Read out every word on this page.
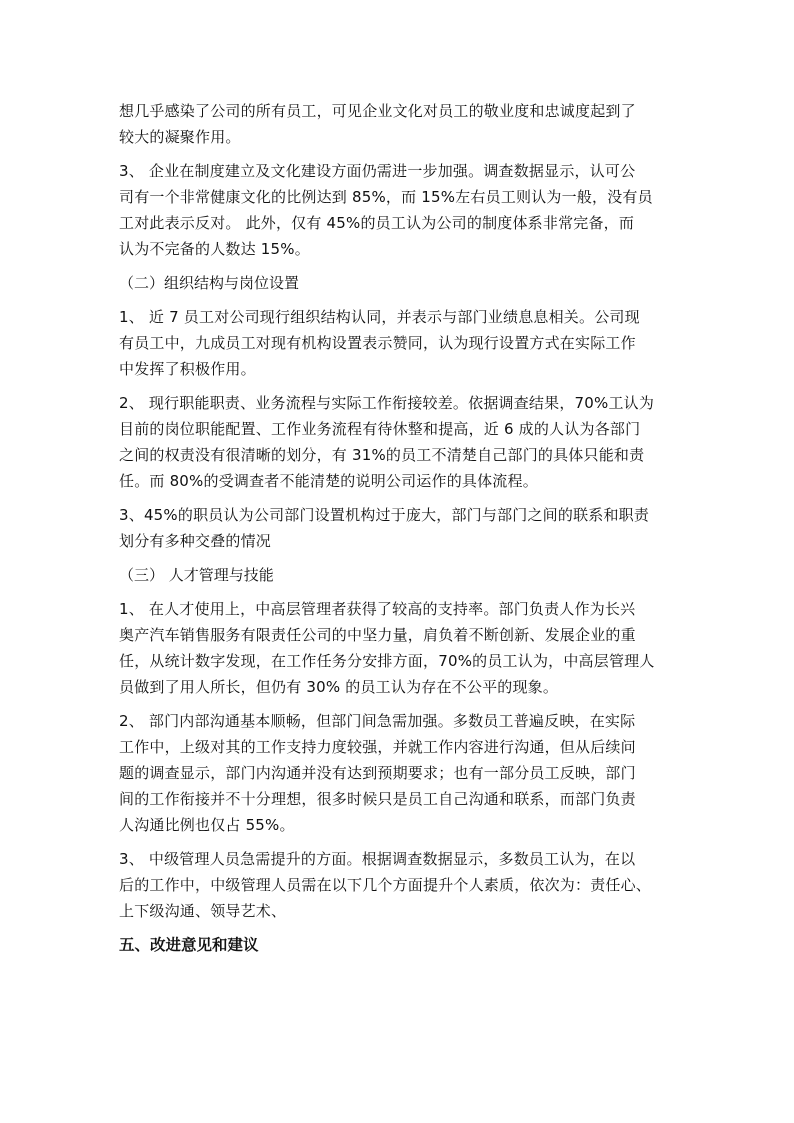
想几乎感染了公司的所有员工，可见企业文化对员工的敬业度和忠诚度起到了
较大的凝聚作用。

3、 企业在制度建立及文化建设方面仍需进一步加强。调查数据显示，认可公
司有一个非常健康文化的比例达到 85%，而 15%左右员工则认为一般，没有员
工对此表示反对。 此外，仅有 45%的员工认为公司的制度体系非常完备，而
认为不完备的人数达 15%。

（二）组织结构与岗位设置

1、 近 7 员工对公司现行组织结构认同，并表示与部门业绩息息相关。公司现
有员工中，九成员工对现有机构设置表示赞同，认为现行设置方式在实际工作
中发挥了积极作用。

2、 现行职能职责、业务流程与实际工作衔接较差。依据调查结果，70%工认为
目前的岗位职能配置、工作业务流程有待休整和提高，近 6 成的人认为各部门
之间的权责没有很清晰的划分，有 31%的员工不清楚自己部门的具体只能和责
任。而 80%的受调查者不能清楚的说明公司运作的具体流程。

3、45%的职员认为公司部门设置机构过于庞大，部门与部门之间的联系和职责
划分有多种交叠的情况

（三） 人才管理与技能

1、 在人才使用上，中高层管理者获得了较高的支持率。部门负责人作为长兴
奥产汽车销售服务有限责任公司的中坚力量，肩负着不断创新、发展企业的重
任，从统计数字发现，在工作任务分安排方面，70%的员工认为，中高层管理人
员做到了用人所长，但仍有 30% 的员工认为存在不公平的现象。

2、 部门内部沟通基本顺畅，但部门间急需加强。多数员工普遍反映，在实际
工作中，上级对其的工作支持力度较强，并就工作内容进行沟通，但从后续问
题的调查显示，部门内沟通并没有达到预期要求；也有一部分员工反映，部门
间的工作衔接并不十分理想，很多时候只是员工自己沟通和联系，而部门负责
人沟通比例也仅占 55%。

3、 中级管理人员急需提升的方面。根据调查数据显示，多数员工认为，在以
后的工作中，中级管理人员需在以下几个方面提升个人素质，依次为：责任心、
上下级沟通、领导艺术、

五、改进意见和建议
